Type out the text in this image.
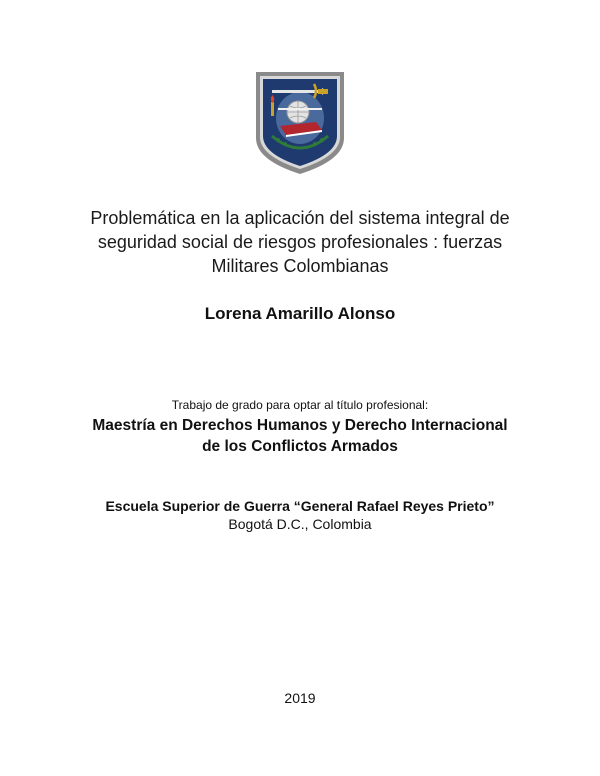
Problemática en la aplicación del sistema integral de
seguridad social de riesgos profesionales : fuerzas
Militares Colombianas
Lorena Amarillo Alonso
Trabajo de grado para optar al título profesional:
Maestría en Derechos Humanos y Derecho Internacional
de los Conflictos Armados
Escuela Superior de Guerra “General Rafael Reyes Prieto”
Bogotá D.C., Colombia
2019
